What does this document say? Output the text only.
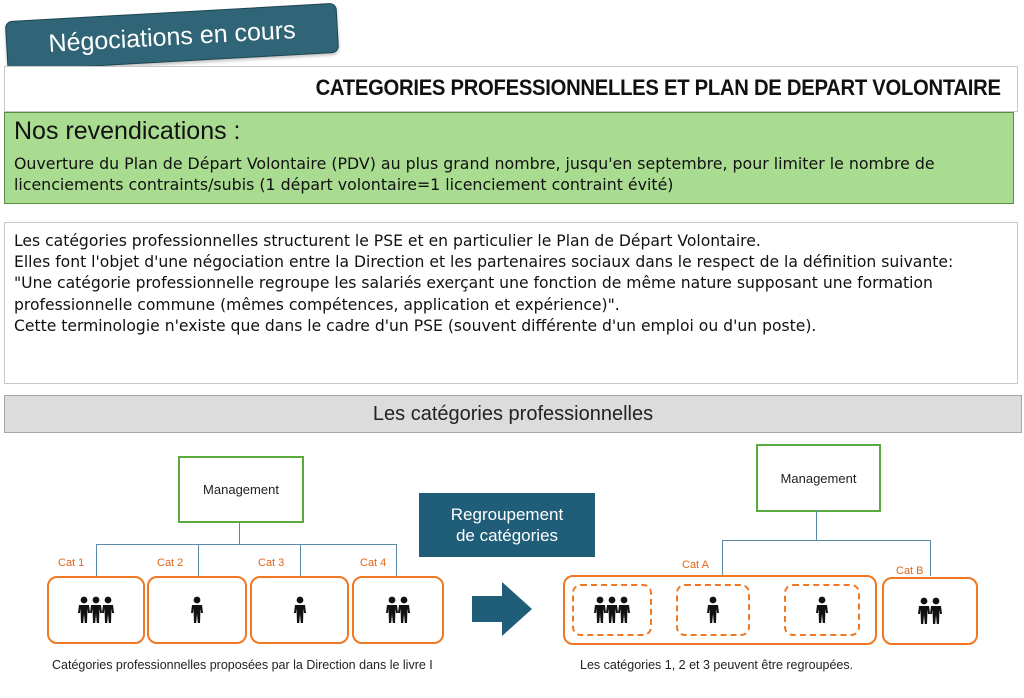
Négociations en cours
CATEGORIES PROFESSIONNELLES ET PLAN DE DEPART VOLONTAIRE
Nos revendications :
Ouverture du Plan de Départ Volontaire (PDV) au plus grand nombre, jusqu'en septembre, pour limiter le nombre de licenciements contraints/subis (1 départ volontaire=1 licenciement contraint évité)
Les catégories professionnelles structurent le PSE et en particulier le Plan de Départ Volontaire.
Elles font l'objet d'une négociation entre la Direction et les partenaires sociaux dans le respect de la définition suivante:
"Une catégorie professionnelle regroupe les salariés exerçant une fonction de même nature supposant une formation professionnelle commune (mêmes compétences, application et expérience)".
Cette terminologie n'existe que dans le cadre d'un PSE (souvent différente d'un emploi ou d'un poste).
Les catégories professionnelles
Management
Cat 1	Cat 2	Cat 3	Cat 4
Catégories professionnelles proposées par la Direction dans le livre I
Regroupement
de catégories
Management
Cat A	Cat B
Les catégories 1, 2 et 3 peuvent être regroupées.
